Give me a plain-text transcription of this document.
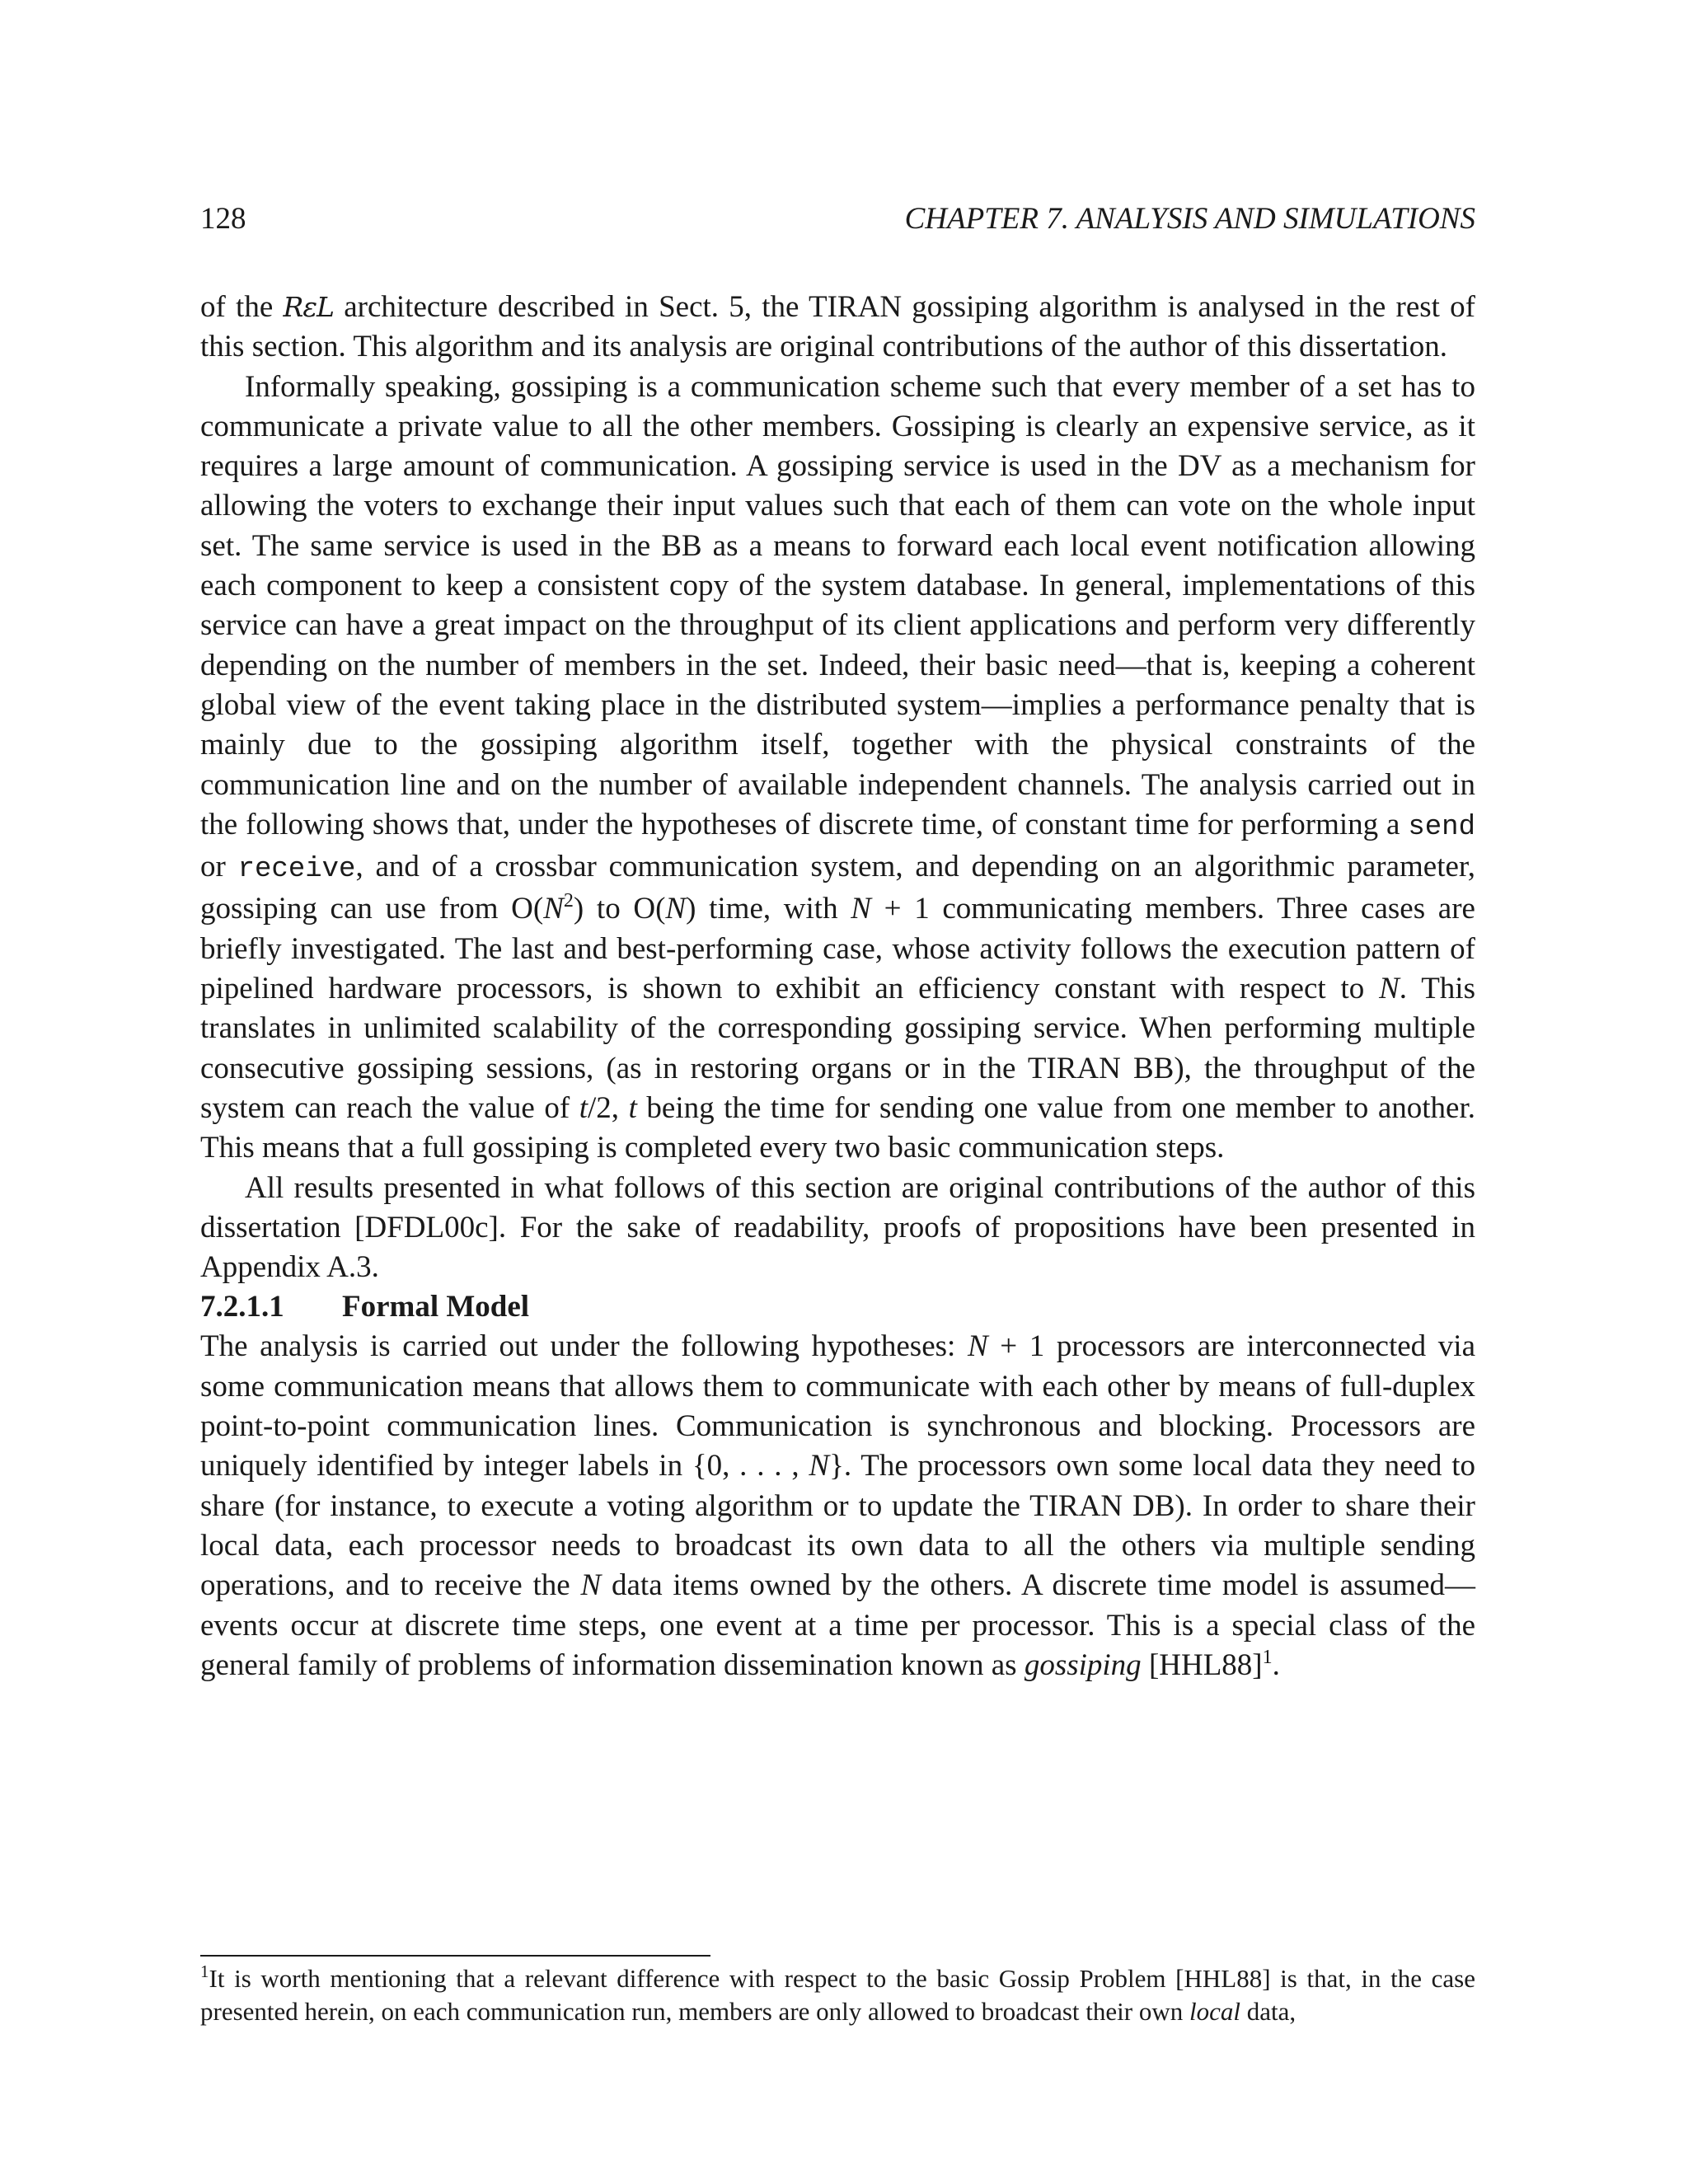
128	CHAPTER 7. ANALYSIS AND SIMULATIONS

of the RεL architecture described in Sect. 5, the TIRAN gossiping algorithm is analysed in the rest of this section. This algorithm and its analysis are original contributions of the author of this dissertation.

Informally speaking, gossiping is a communication scheme such that every member of a set has to communicate a private value to all the other members. Gossiping is clearly an expensive service, as it requires a large amount of communication. A gossiping service is used in the DV as a mechanism for allowing the voters to exchange their input values such that each of them can vote on the whole input set. The same service is used in the BB as a means to forward each local event notification allowing each component to keep a consistent copy of the system database. In general, implementations of this service can have a great impact on the throughput of its client applications and perform very differently depending on the number of members in the set. Indeed, their basic need—that is, keeping a coherent global view of the event taking place in the distributed system—implies a performance penalty that is mainly due to the gossiping algorithm itself, together with the physical constraints of the communication line and on the number of available independent channels. The analysis carried out in the following shows that, under the hypotheses of discrete time, of constant time for performing a send or receive, and of a crossbar communication system, and depending on an algorithmic parameter, gossiping can use from $O(N^2)$ to O(N) time, with N + 1 communicating members. Three cases are briefly investigated. The last and best-performing case, whose activity follows the execution pattern of pipelined hardware processors, is shown to exhibit an efficiency constant with respect to N. This translates in unlimited scalability of the corresponding gossiping service. When performing multiple consecutive gossiping sessions, (as in restoring organs or in the TIRAN BB), the throughput of the system can reach the value of t/2, t being the time for sending one value from one member to another. This means that a full gossiping is completed every two basic communication steps.

All results presented in what follows of this section are original contributions of the author of this dissertation [DFDL00c]. For the sake of readability, proofs of propositions have been presented in Appendix A.3.

7.2.1.1 Formal Model

The analysis is carried out under the following hypotheses: N + 1 processors are interconnected via some communication means that allows them to communicate with each other by means of full-duplex point-to-point communication lines. Communication is synchronous and blocking. Processors are uniquely identified by integer labels in {0, . . . , N}. The processors own some local data they need to share (for instance, to execute a voting algorithm or to update the TIRAN DB). In order to share their local data, each processor needs to broadcast its own data to all the others via multiple sending operations, and to receive the N data items owned by the others. A discrete time model is assumed—events occur at discrete time steps, one event at a time per processor. This is a special class of the general family of problems of information dissemination known as gossiping $[HHL88]^1$.

$^1$It is worth mentioning that a relevant difference with respect to the basic Gossip Problem [HHL88] is that, in the case presented herein, on each communication run, members are only allowed to broadcast their own local data,
